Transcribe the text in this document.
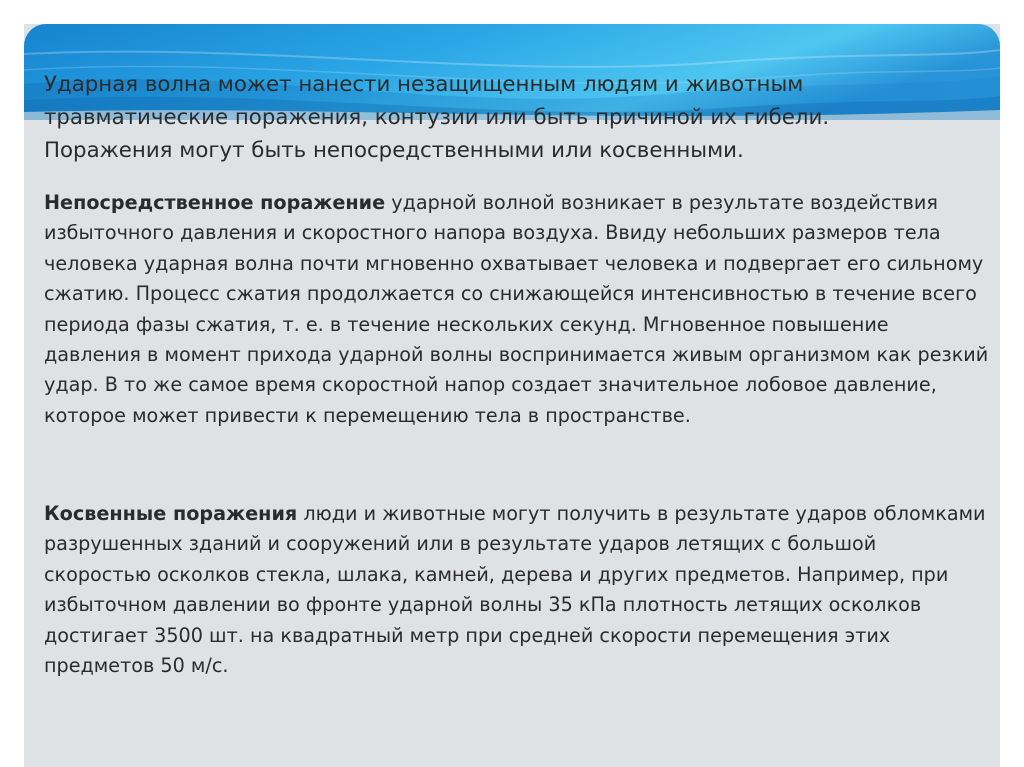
Ударная волна может нанести незащищенным людям и животным травматические поражения, контузии или быть причиной их гибели. Поражения могут быть непосредственными или косвенными.

Непосредственное поражение ударной волной возникает в результате воздействия избыточного давления и скоростного напора воздуха. Ввиду небольших размеров тела человека ударная волна почти мгновенно охватывает человека и подвергает его сильному сжатию. Процесс сжатия продолжается со снижающейся интенсивностью в течение всего периода фазы сжатия, т. е. в течение нескольких секунд. Мгновенное повышение давления в момент прихода ударной волны воспринимается живым организмом как резкий удар. В то же самое время скоростной напор создает значительное лобовое давление, которое может привести к перемещению тела в пространстве.

Косвенные поражения люди и животные могут получить в результате ударов обломками разрушенных зданий и сооружений или в результате ударов летящих с большой скоростью осколков стекла, шлака, камней, дерева и других предметов. Например, при избыточном давлении во фронте ударной волны 35 кПа плотность летящих осколков достигает 3500 шт. на квадратный метр при средней скорости перемещения этих предметов 50 м/с.
